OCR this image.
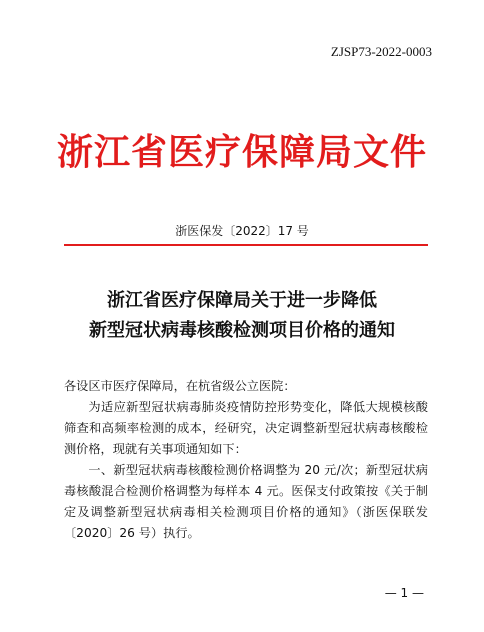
ZJSP73-2022-0003
浙江省医疗保障局文件
浙医保发〔2022〕17 号
浙江省医疗保障局关于进一步降低
新型冠状病毒核酸检测项目价格的通知

各设区市医疗保障局，在杭省级公立医院：

为适应新型冠状病毒肺炎疫情防控形势变化，降低大规模核酸筛查和高频率检测的成本，经研究，决定调整新型冠状病毒核酸检测价格，现就有关事项通知如下：

一、新型冠状病毒核酸检测价格调整为 20 元/次；新型冠状病毒核酸混合检测价格调整为每样本 4 元。医保支付政策按《关于制定及调整新型冠状病毒相关检测项目价格的通知》（浙医保联发〔2020〕26 号）执行。

— 1 —
